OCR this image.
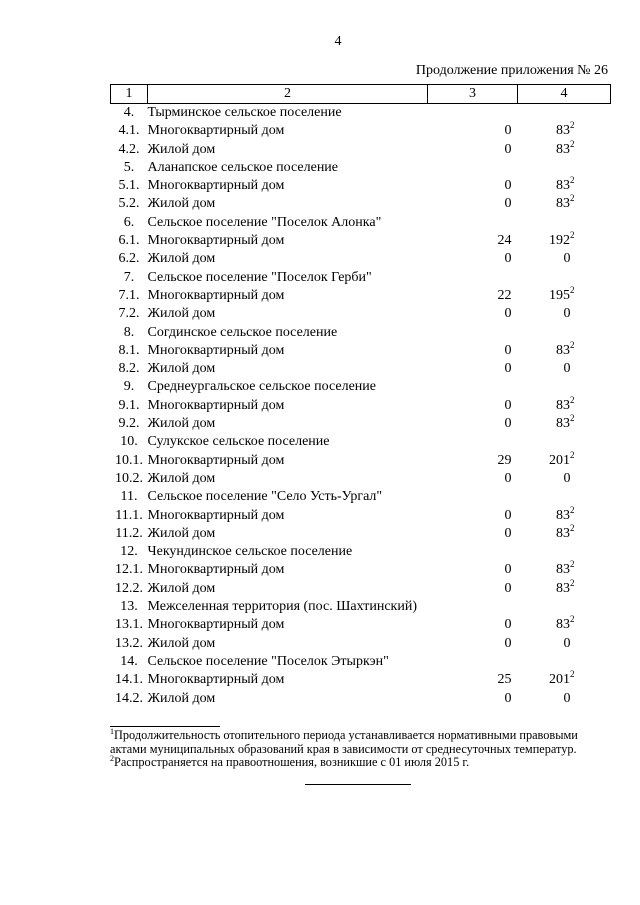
4
Продолжение приложения № 26
1	2	3	4
4.	Тырминское сельское поселение		
4.1.	Многоквартирный дом	0	$83^2$
4.2.	Жилой дом	0	$83^2$
5.	Аланапское сельское поселение		
5.1.	Многоквартирный дом	0	$83^2$
5.2.	Жилой дом	0	$83^2$
6.	Сельское поселение "Поселок Алонка"		
6.1.	Многоквартирный дом	24	$192^2$
6.2.	Жилой дом	0	0
7.	Сельское поселение "Поселок Герби"		
7.1.	Многоквартирный дом	22	$195^2$
7.2.	Жилой дом	0	0
8.	Согдинское сельское поселение		
8.1.	Многоквартирный дом	0	$83^2$
8.2.	Жилой дом	0	0
9.	Среднеургальское сельское поселение		
9.1.	Многоквартирный дом	0	$83^2$
9.2.	Жилой дом	0	$83^2$
10.	Сулукское сельское поселение		
10.1.	Многоквартирный дом	29	$201^2$
10.2.	Жилой дом	0	0
11.	Сельское поселение "Село Усть-Ургал"		
11.1.	Многоквартирный дом	0	$83^2$
11.2.	Жилой дом	0	$83^2$
12.	Чекундинское сельское поселение		
12.1.	Многоквартирный дом	0	$83^2$
12.2.	Жилой дом	0	$83^2$
13.	Межселенная территория (пос. Шахтинский)		
13.1.	Многоквартирный дом	0	$83^2$
13.2.	Жилой дом	0	0
14.	Сельское поселение "Поселок Этыркэн"		
14.1.	Многоквартирный дом	25	$201^2$
14.2.	Жилой дом	0	0
$^1$Продолжительность отопительного периода устанавливается нормативными правовыми
актами муниципальных образований края в зависимости от среднесуточных температур.
$^2$Распространяется на правоотношения, возникшие с 01 июля 2015 г.
